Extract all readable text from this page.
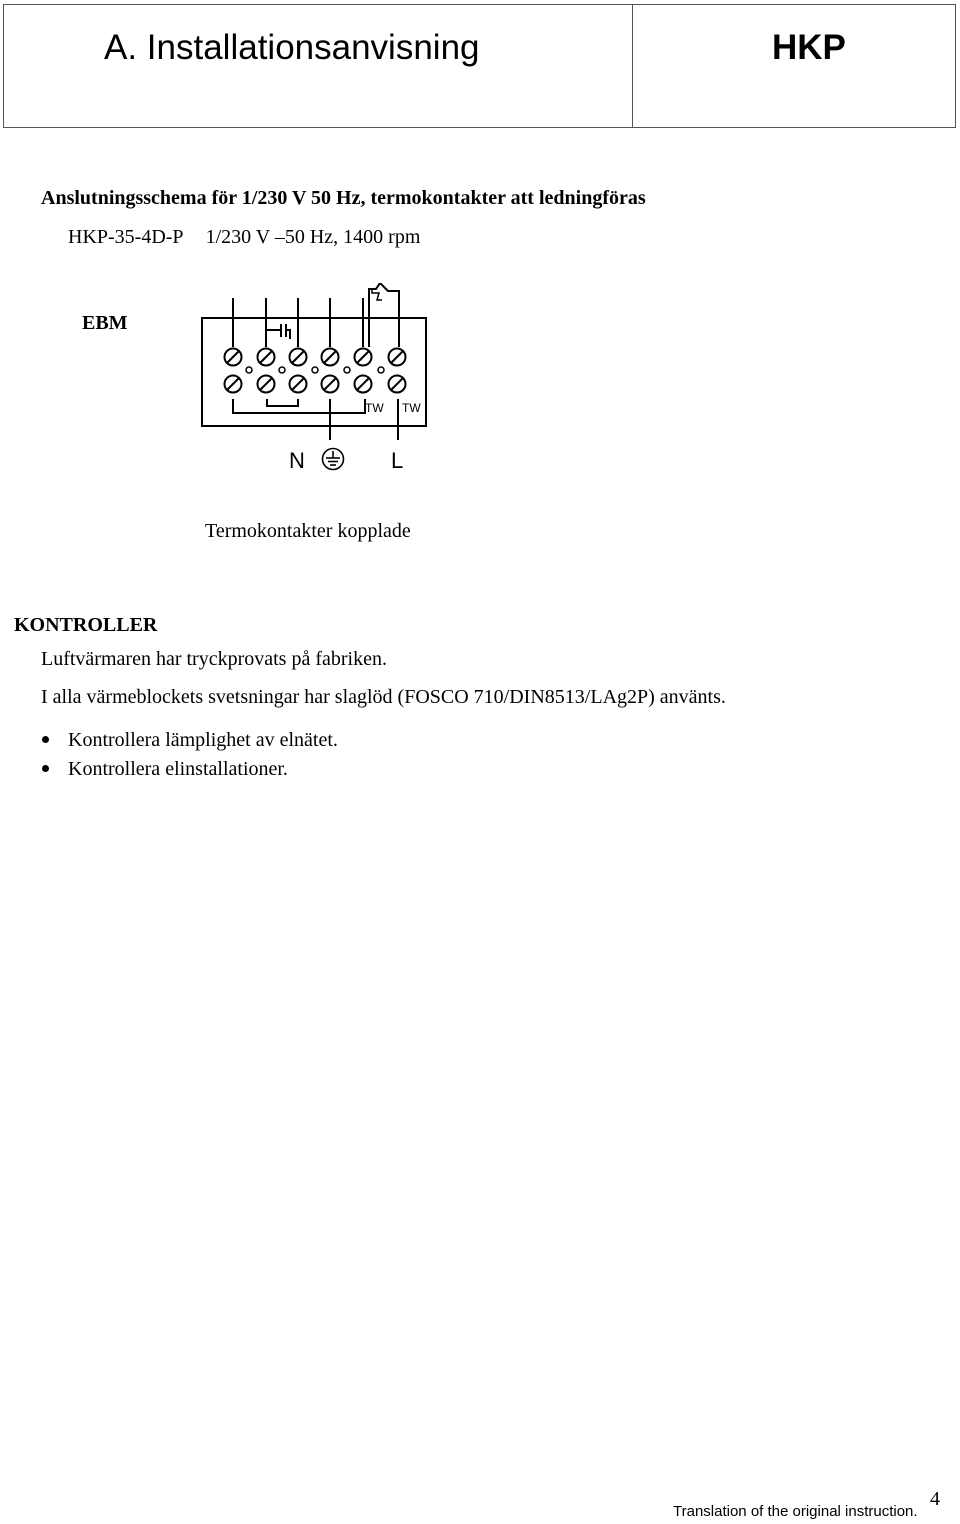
A. Installationsanvisning	HKP
Anslutningsschema för 1/230 V 50 Hz, termokontakter att ledningföras
HKP-35-4D-P 1/230 V –50 Hz, 1400 rpm
EBM
TW TW
N	L
Termokontakter kopplade
KONTROLLER
Luftvärmaren har tryckprovats på fabriken.
I alla värmeblockets svetsningar har slaglöd (FOSCO 710/DIN8513/LAg2P) använts.
Kontrollera lämplighet av elnätet.
Kontrollera elinstallationer.
4
Translation of the original instruction.
